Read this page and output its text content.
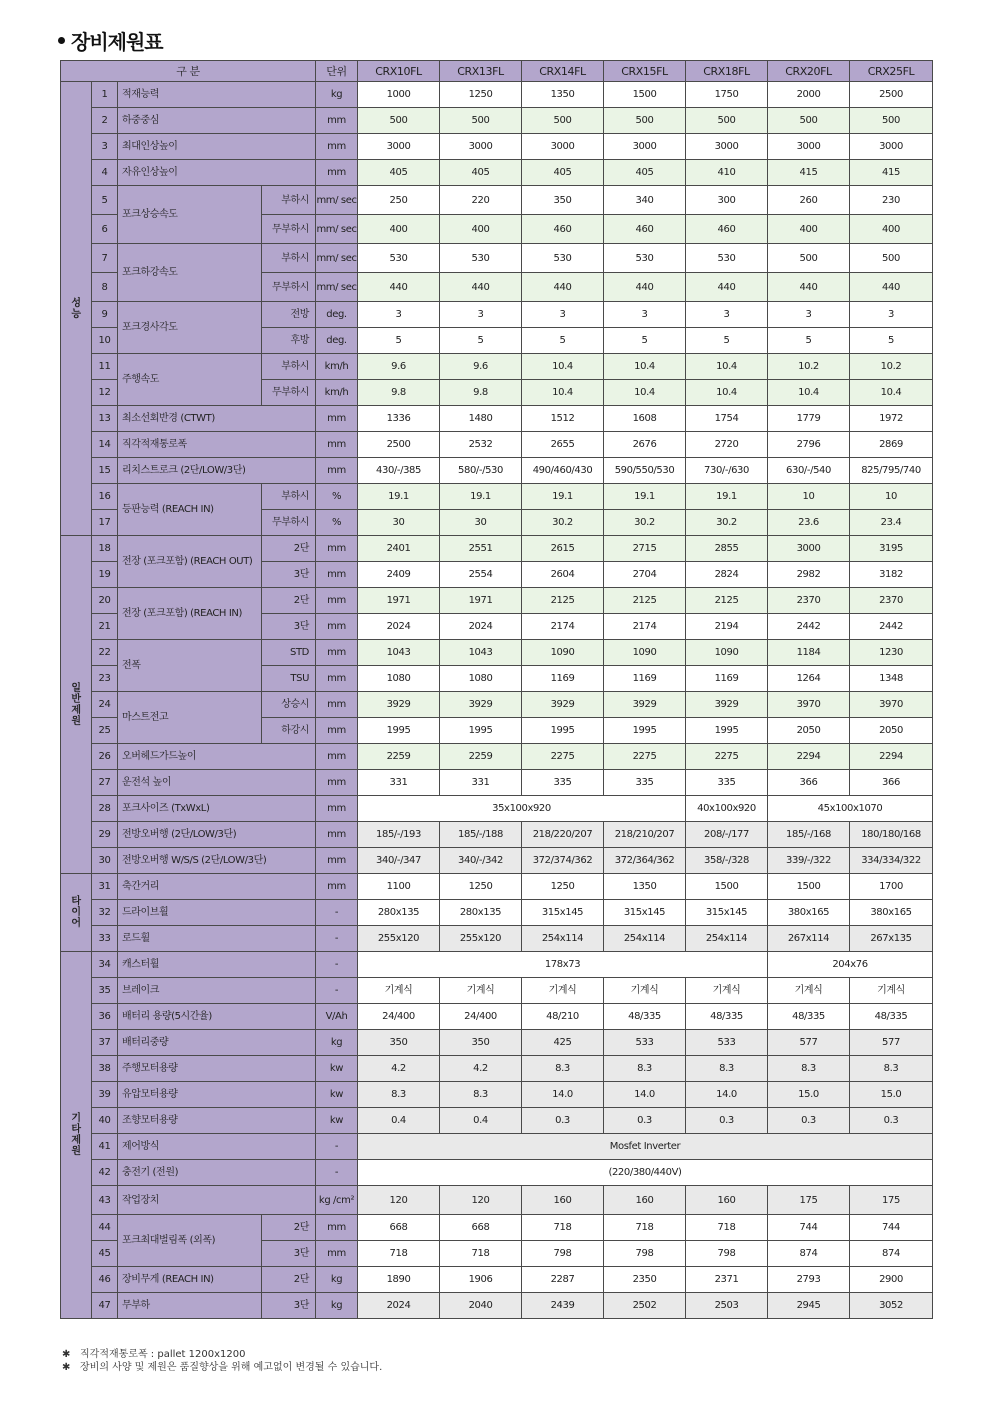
장비제원표
구 분				단위	CRX10FL	CRX13FL	CRX14FL	CRX15FL	CRX18FL	CRX20FL	CRX25FL
성
능	1	적재능력		kg	1000	1250	1350	1500	1750	2000	2500
	2	하중중심		mm	500	500	500	500	500	500	500
	3	최대인상높이		mm	3000	3000	3000	3000	3000	3000	3000
	4	자유인상높이		mm	405	405	405	405	410	415	415
	5	포크상승속도	부하시	mm/ sec	250	220	350	340	300	260	230
	6		무부하시	mm/ sec	400	400	460	460	460	400	400
	7	포크하강속도	부하시	mm/ sec	530	530	530	530	530	500	500
	8		무부하시	mm/ sec	440	440	440	440	440	440	440
	9	포크경사각도	전방	deg.	3	3	3	3	3	3	3
	10		후방	deg.	5	5	5	5	5	5	5
	11	주행속도	부하시	km/h	9.6	9.6	10.4	10.4	10.4	10.2	10.2
	12		무부하시	km/h	9.8	9.8	10.4	10.4	10.4	10.4	10.4
	13	최소선회반경 (CTWT)		mm	1336	1480	1512	1608	1754	1779	1972
	14	직각적재통로폭		mm	2500	2532	2655	2676	2720	2796	2869
	15	리치스트로크 (2단/LOW/3단)		mm	430/-/385	580/-/530	490/460/430	590/550/530	730/-/630	630/-/540	825/795/740
	16	등판능력 (REACH IN)	부하시	%	19.1	19.1	19.1	19.1	19.1	10	10
	17		무부하시	%	30	30	30.2	30.2	30.2	23.6	23.4
일
반
제
원	18	전장 (포크포함) (REACH OUT)	2단	mm	2401	2551	2615	2715	2855	3000	3195
	19		3단	mm	2409	2554	2604	2704	2824	2982	3182
	20	전장 (포크포함) (REACH IN)	2단	mm	1971	1971	2125	2125	2125	2370	2370
	21		3단	mm	2024	2024	2174	2174	2194	2442	2442
	22	전폭	STD	mm	1043	1043	1090	1090	1090	1184	1230
	23		TSU	mm	1080	1080	1169	1169	1169	1264	1348
	24	마스트전고	상승시	mm	3929	3929	3929	3929	3929	3970	3970
	25		하강시	mm	1995	1995	1995	1995	1995	2050	2050
	26	오버헤드가드높이		mm	2259	2259	2275	2275	2275	2294	2294
	27	운전석 높이		mm	331	331	335	335	335	366	366
	28	포크사이즈 (TxWxL)		mm	35x100x920				40x100x920	45x100x1070	
	29	전방오버행 (2단/LOW/3단)		mm	185/-/193	185/-/188	218/220/207	218/210/207	208/-/177	185/-/168	180/180/168
	30	전방오버행 W/S/S (2단/LOW/3단)		mm	340/-/347	340/-/342	372/374/362	372/364/362	358/-/328	339/-/322	334/334/322
타
이
어	31	축간거리		mm	1100	1250	1250	1350	1500	1500	1700
	32	드라이브휠		-	280x135	280x135	315x145	315x145	315x145	380x165	380x165
	33	로드휠		-	255x120	255x120	254x114	254x114	254x114	267x114	267x135
기
타
제
원	34	캐스터휠		-	178x73					204x76	
	35	브레이크		-	기계식	기계식	기계식	기계식	기계식	기계식	기계식
	36	배터리 용량(5시간율)		V/Ah	24/400	24/400	48/210	48/335	48/335	48/335	48/335
	37	배터리중량		kg	350	350	425	533	533	577	577
	38	주행모터용량		kw	4.2	4.2	8.3	8.3	8.3	8.3	8.3
	39	유압모터용량		kw	8.3	8.3	14.0	14.0	14.0	15.0	15.0
	40	조향모터용량		kw	0.4	0.4	0.3	0.3	0.3	0.3	0.3
	41	제어방식		-	Mosfet Inverter						
	42	충전기 (전원)		-	(220/380/440V)						
	43	작업장치		kg /cm²	120	120	160	160	160	175	175
	44	포크최대벌림폭 (외폭)	2단	mm	668	668	718	718	718	744	744
	45		3단	mm	718	718	798	798	798	874	874
	46	장비무게 (REACH IN)	2단	kg	1890	1906	2287	2350	2371	2793	2900
	47	무부하	3단	kg	2024	2040	2439	2502	2503	2945	3052
✱ 직각적재통로폭 : pallet 1200x1200
✱ 장비의 사양 및 제원은 품질향상을 위해 예고없이 변경될 수 있습니다.
